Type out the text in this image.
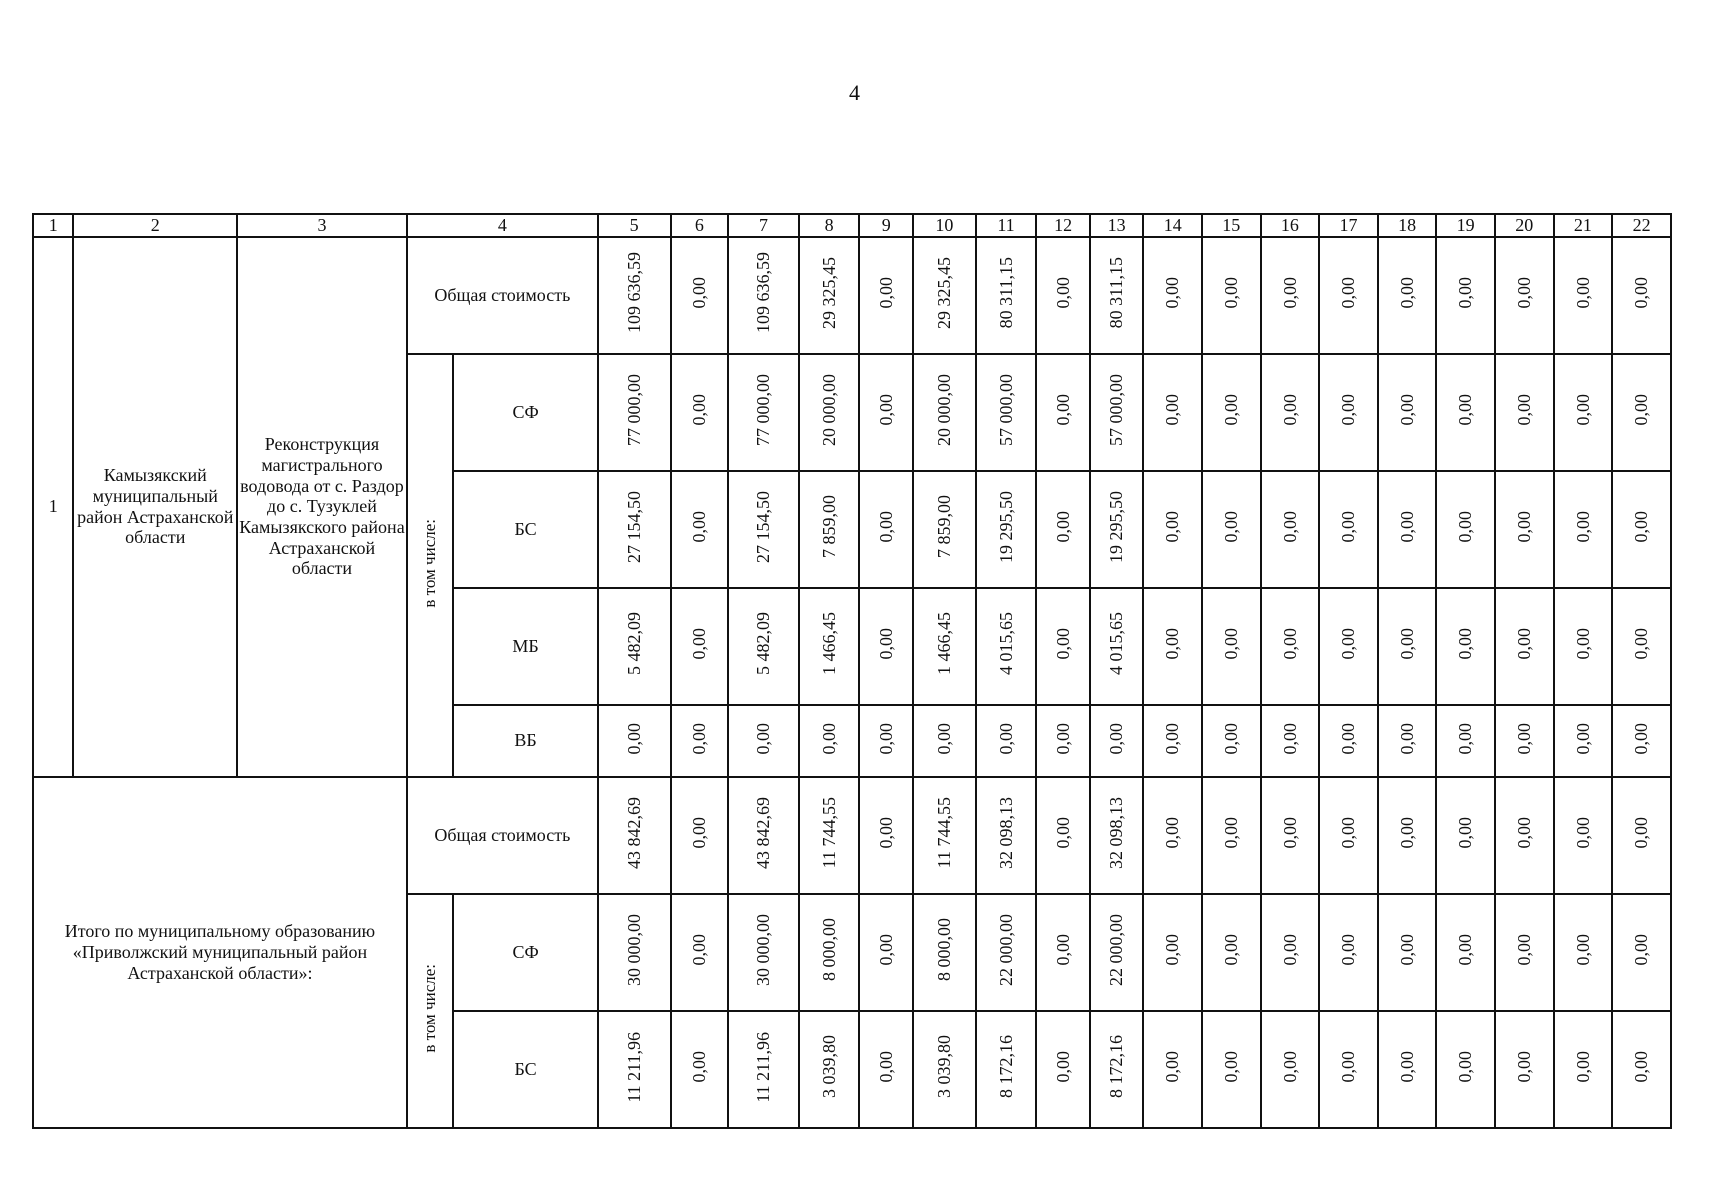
4
1	2	3	4		5	6	7	8	9	10	11	12	13	14	15	16	17	18	19	20	21	22
1	Камызякский муниципальный район Астраханской области	Реконструкция магистрального водовода от с. Раздор до с. Тузуклей Камызякского района Астраханской области	Общая стоимость		109 636,59	0,00	109 636,59	29 325,45	0,00	29 325,45	80 311,15	0,00	80 311,15	0,00	0,00	0,00	0,00	0,00	0,00	0,00	0,00	0,00
			в том числе:	СФ	77 000,00	0,00	77 000,00	20 000,00	0,00	20 000,00	57 000,00	0,00	57 000,00	0,00	0,00	0,00	0,00	0,00	0,00	0,00	0,00	0,00
				БС	27 154,50	0,00	27 154,50	7 859,00	0,00	7 859,00	19 295,50	0,00	19 295,50	0,00	0,00	0,00	0,00	0,00	0,00	0,00	0,00	0,00
				МБ	5 482,09	0,00	5 482,09	1 466,45	0,00	1 466,45	4 015,65	0,00	4 015,65	0,00	0,00	0,00	0,00	0,00	0,00	0,00	0,00	0,00
				ВБ	0,00	0,00	0,00	0,00	0,00	0,00	0,00	0,00	0,00	0,00	0,00	0,00	0,00	0,00	0,00	0,00	0,00	0,00
Итого по муниципальному образованию «Приволжский муниципальный район Астраханской области»:			Общая стоимость		43 842,69	0,00	43 842,69	11 744,55	0,00	11 744,55	32 098,13	0,00	32 098,13	0,00	0,00	0,00	0,00	0,00	0,00	0,00	0,00	0,00
			в том числе:	СФ	30 000,00	0,00	30 000,00	8 000,00	0,00	8 000,00	22 000,00	0,00	22 000,00	0,00	0,00	0,00	0,00	0,00	0,00	0,00	0,00	0,00
				БС	11 211,96	0,00	11 211,96	3 039,80	0,00	3 039,80	8 172,16	0,00	8 172,16	0,00	0,00	0,00	0,00	0,00	0,00	0,00	0,00	0,00
